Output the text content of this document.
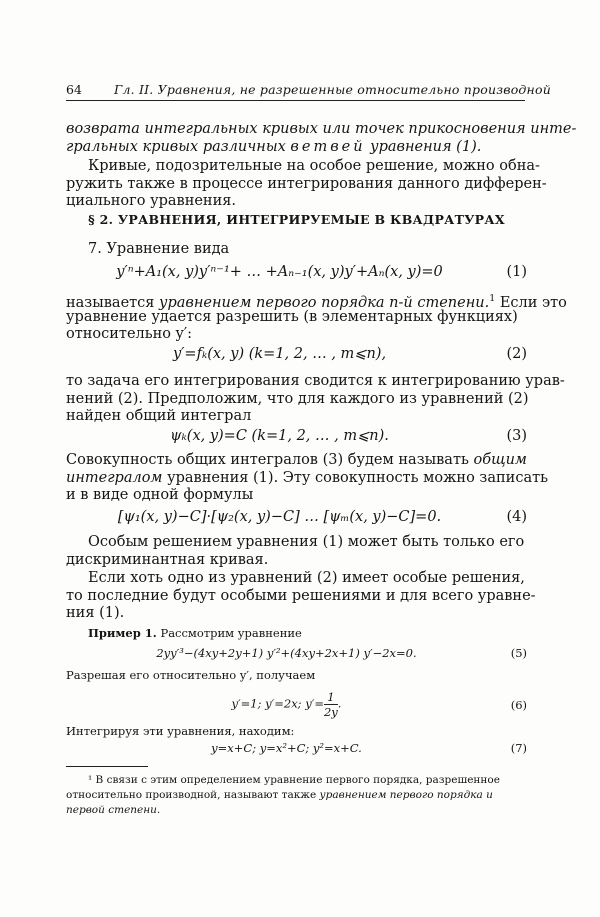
64	Гл. II. Уравнения, не разрешенные относительно производной
возврата интегральных кривых или точек прикосновения инте-
гральных кривых различных ветвей уравнения (1).
Кривые, подозрительные на особое решение, можно обна-
ружить также в процессе интегрирования данного дифферен-
циального уравнения.
§ 2. УРАВНЕНИЯ, ИНТЕГРИРУЕМЫЕ В КВАДРАТУРАХ
7. Уравнение вида
y′ⁿ+A₁(x, y)y′ⁿ⁻¹+ … +Aₙ₋₁(x, y)y′+Aₙ(x, y)=0	(1)
называется уравнением первого порядка n-й степени.$^1$ Если это
уравнение удается разрешить (в элементарных функциях)
относительно y′:
y′=fₖ(x, y) (k=1, 2, … , m⩽n),	(2)
то задача его интегрирования сводится к интегрированию урав-
нений (2). Предположим, что для каждого из уравнений (2)
найден общий интеграл
ψₖ(x, y)=C (k=1, 2, … , m⩽n).	(3)
Совокупность общих интегралов (3) будем называть общим
интегралом уравнения (1). Эту совокупность можно записать
и в виде одной формулы
[ψ₁(x, y)−C]·[ψ₂(x, y)−C] … [ψₘ(x, y)−C]=0.	(4)
Особым решением уравнения (1) может быть только его
дискриминантная кривая.
Если хоть одно из уравнений (2) имеет особые решения,
то последние будут особыми решениями и для всего уравне-
ния (1).
Пример 1. Рассмотрим уравнение
2yy′³−(4xy+2y+1) y′²+(4xy+2x+1) y′−2x=0.	(5)
Разрешая его относительно y′, получаем
y′=1; y′=2x; $y'= \frac{1}{2y}$ .	(6)
Интегрируя эти уравнения, находим:
y=x+C; y=x²+C; y²=x+C.	(7)
¹ В связи с этим определением уравнение первого порядка, разрешенное
относительно производной, называют также уравнением первого порядка и
первой степени.
